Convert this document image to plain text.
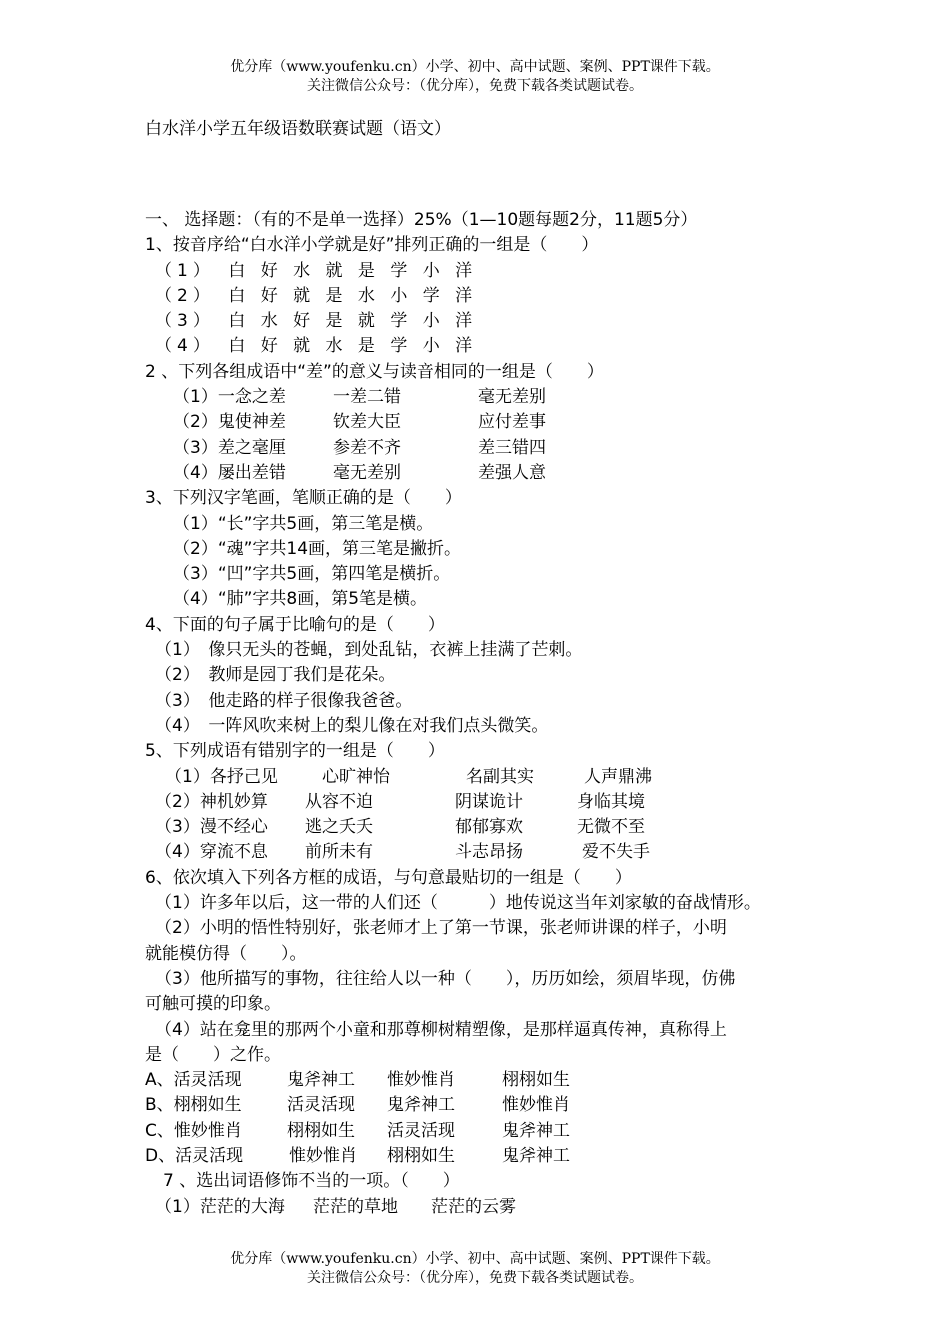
优分库（www.youfenku.cn）小学、初中、高中试题、案例、PPT课件下载。
关注微信公众号：（优分库），免费下载各类试题试卷。
白水洋小学五年级语数联赛试题（语文）
一、 选择题：（有的不是单一选择）25%（1—10题每题2分，11题5分）
1、按音序给“白水洋小学就是好”排列正确的一组是（　　）
（1）　白 好 水 就 是 学 小 洋
（2）　白 好 就 是 水 小 学 洋
（3）　白 水 好 是 就 学 小 洋
（4）　白 好 就 水 是 学 小 洋
2 、下列各组成语中“差”的意义与读音相同的一组是（　　）
（1）一念之差	一差二错	毫无差别
（2）鬼使神差	钦差大臣	应付差事
（3）差之毫厘	参差不齐	差三错四
（4）屡出差错	毫无差别	差强人意
3、下列汉字笔画，笔顺正确的是（　　）
（1）“长”字共5画，第三笔是横。
（2）“魂”字共14画，第三笔是撇折。
（3）“凹”字共5画，第四笔是横折。
（4）“肺”字共8画，第5笔是横。
4、下面的句子属于比喻句的是（　　）
（1）　像只无头的苍蝇，到处乱钻，衣裤上挂满了芒刺。
（2）　教师是园丁我们是花朵。
（3）　他走路的样子很像我爸爸。
（4）　一阵风吹来树上的梨儿像在对我们点头微笑。
5、下列成语有错别字的一组是（　　）
（1）各抒己见	心旷神怡	名副其实	人声鼎沸
（2）神机妙算 从容不迫	阴谋诡计	身临其境
（3）漫不经心 逃之夭夭	郁郁寡欢	无微不至
（4）穿流不息 前所未有	斗志昂扬	爱不失手
6、依次填入下列各方框的成语，与句意最贴切的一组是（　　）
（1）许多年以后，这一带的人们还（　　　）地传说这当年刘家敏的奋战情形。
（2）小明的悟性特别好，张老师才上了第一节课，张老师讲课的样子，小明
就能模仿得（　　）。
（3）他所描写的事物，往往给人以一种（　　），历历如绘，须眉毕现，仿佛
可触可摸的印象。
（4）站在龛里的那两个小童和那尊柳树精塑像，是那样逼真传神，真称得上
是（　　）之作。
A、活灵活现	鬼斧神工 惟妙惟肖	栩栩如生
B、栩栩如生	活灵活现 鬼斧神工	惟妙惟肖
C、惟妙惟肖	栩栩如生 活灵活现	鬼斧神工
D、活灵活现	惟妙惟肖 栩栩如生	鬼斧神工
7 、选出词语修饰不当的一项。（　　）
（1）茫茫的大海 茫茫的草地 茫茫的云雾
优分库（www.youfenku.cn）小学、初中、高中试题、案例、PPT课件下载。
关注微信公众号：（优分库），免费下载各类试题试卷。
